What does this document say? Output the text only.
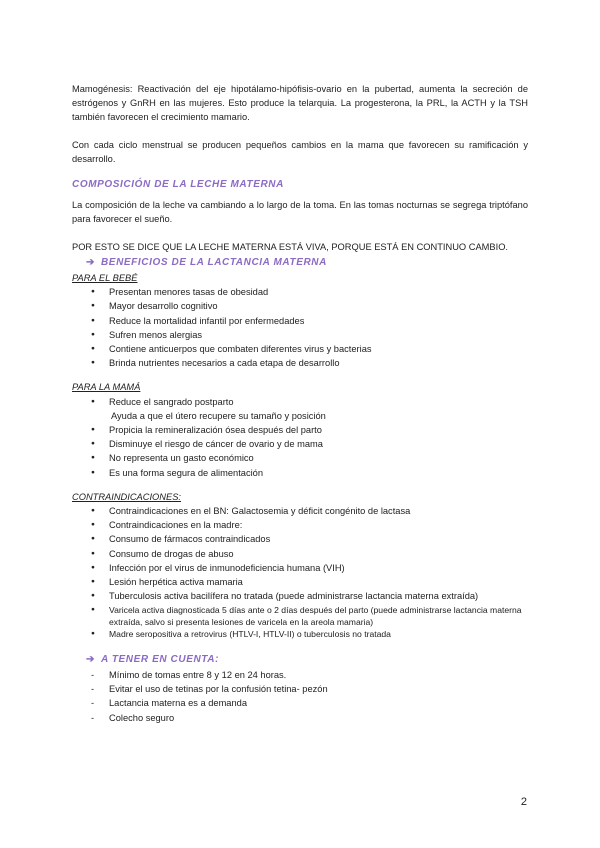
Mamogénesis: Reactivación del eje hipotálamo-hipófisis-ovario en la pubertad, aumenta la secreción de estrógenos y GnRH en las mujeres. Esto produce la telarquia. La progesterona, la PRL, la ACTH y la TSH también favorecen el crecimiento mamario.

Con cada ciclo menstrual se producen pequeños cambios en la mama que favorecen su ramificación y desarrollo.

COMPOSICIÓN DE LA LECHE MATERNA

La composición de la leche va cambiando a lo largo de la toma. En las tomas nocturnas se segrega triptófano para favorecer el sueño.

POR ESTO SE DICE QUE LA LECHE MATERNA ESTÁ VIVA, PORQUE ESTÁ EN CONTINUO CAMBIO.

➔ BENEFICIOS DE LA LACTANCIA MATERNA

PARA EL BEBÉ

● Presentan menores tasas de obesidad
● Mayor desarrollo cognitivo
● Reduce la mortalidad infantil por enfermedades
● Sufren menos alergias
● Contiene anticuerpos que combaten diferentes virus y bacterias
● Brinda nutrientes necesarios a cada etapa de desarrollo

PARA LA MAMÁ

● Reduce el sangrado postparto
Ayuda a que el útero recupere su tamaño y posición
● Propicia la remineralización ósea después del parto
● Disminuye el riesgo de cáncer de ovario y de mama
● No representa un gasto económico
● Es una forma segura de alimentación

CONTRAINDICACIONES:

● Contraindicaciones en el BN: Galactosemia y déficit congénito de lactasa
● Contraindicaciones en la madre:
● Consumo de fármacos contraindicados
● Consumo de drogas de abuso
● Infección por el virus de inmunodeficiencia humana (VIH)
● Lesión herpética activa mamaria
● Tuberculosis activa bacilífera no tratada (puede administrarse lactancia materna extraída)
● Varicela activa diagnosticada 5 días ante o 2 días después del parto (puede administrarse lactancia materna extraída, salvo si presenta lesiones de varicela en la areola mamaria)
● Madre seropositiva a retrovirus (HTLV-I, HTLV-II) o tuberculosis no tratada
➔ A TENER EN CUENTA:
- Mínimo de tomas entre 8 y 12 en 24 horas.
- Evitar el uso de tetinas por la confusión tetina- pezón
- Lactancia materna es a demanda
- Colecho seguro
2
